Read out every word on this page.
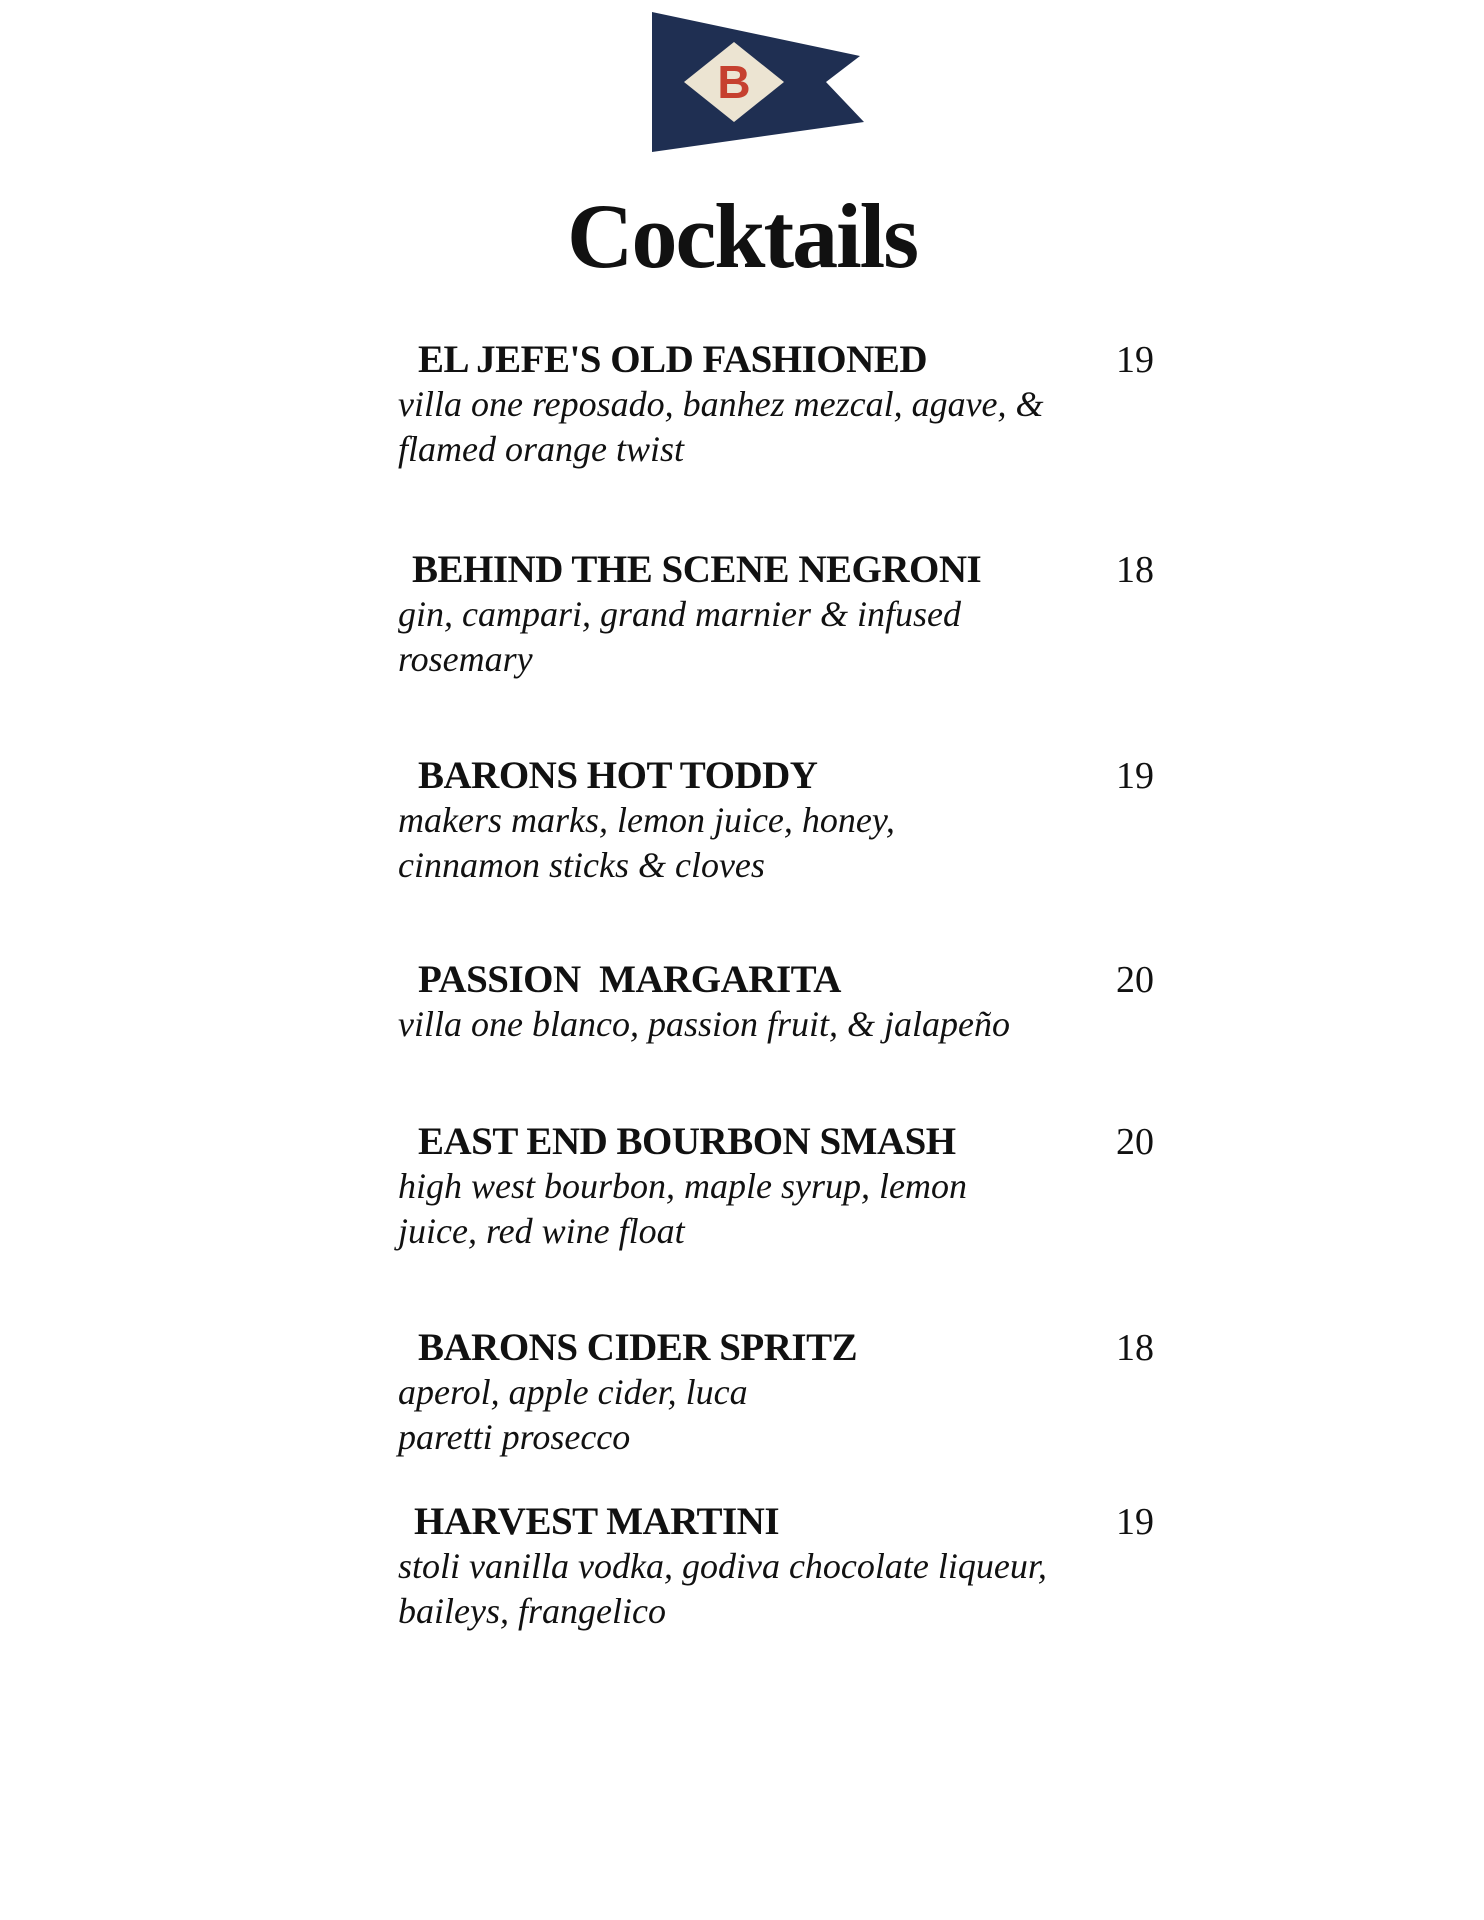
B
Cocktails
EL JEFE'S OLD FASHIONED	19
villa one reposado, banhez mezcal, agave, &
flamed orange twist
BEHIND THE SCENE NEGRONI	18
gin, campari, grand marnier & infused
rosemary
BARONS HOT TODDY	19
makers marks, lemon juice, honey,
cinnamon sticks & cloves
PASSION  MARGARITA	20
villa one blanco, passion fruit, & jalapeño
EAST END BOURBON SMASH	20
high west bourbon, maple syrup, lemon
juice, red wine float
BARONS CIDER SPRITZ	18
aperol, apple cider, luca
paretti prosecco
HARVEST MARTINI	19
stoli vanilla vodka, godiva chocolate liqueur,
baileys, frangelico
